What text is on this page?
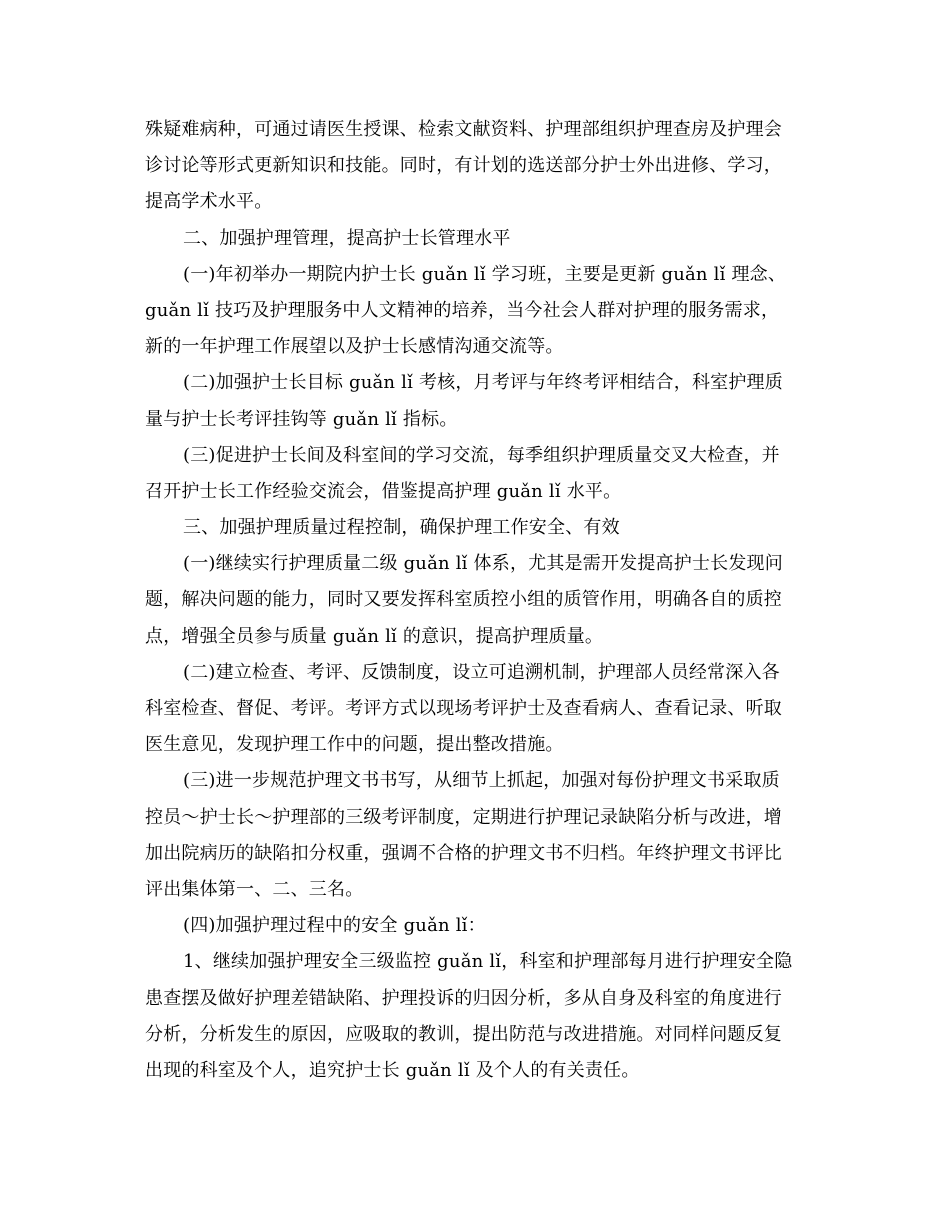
殊疑难病种，可通过请医生授课、检索文献资料、护理部组织护理查房及护理会
诊讨论等形式更新知识和技能。同时，有计划的选送部分护士外出进修、学习，
提高学术水平。
二、加强护理管理，提高护士长管理水平
(一)年初举办一期院内护士长 guǎn lǐ 学习班，主要是更新 guǎn lǐ 理念、
guǎn lǐ 技巧及护理服务中人文精神的培养，当今社会人群对护理的服务需求，
新的一年护理工作展望以及护士长感情沟通交流等。
(二)加强护士长目标 guǎn lǐ 考核，月考评与年终考评相结合，科室护理质
量与护士长考评挂钩等 guǎn lǐ 指标。
(三)促进护士长间及科室间的学习交流，每季组织护理质量交叉大检查，并
召开护士长工作经验交流会，借鉴提高护理 guǎn lǐ 水平。
三、加强护理质量过程控制，确保护理工作安全、有效
(一)继续实行护理质量二级 guǎn lǐ 体系，尤其是需开发提高护士长发现问
题，解决问题的能力，同时又要发挥科室质控小组的质管作用，明确各自的质控
点，增强全员参与质量 guǎn lǐ 的意识，提高护理质量。
(二)建立检查、考评、反馈制度，设立可追溯机制，护理部人员经常深入各
科室检查、督促、考评。考评方式以现场考评护士及查看病人、查看记录、听取
医生意见，发现护理工作中的问题，提出整改措施。
(三)进一步规范护理文书书写，从细节上抓起，加强对每份护理文书采取质
控员～护士长～护理部的三级考评制度，定期进行护理记录缺陷分析与改进，增
加出院病历的缺陷扣分权重，强调不合格的护理文书不归档。年终护理文书评比
评出集体第一、二、三名。
(四)加强护理过程中的安全 guǎn lǐ：
1、继续加强护理安全三级监控 guǎn lǐ，科室和护理部每月进行护理安全隐
患查摆及做好护理差错缺陷、护理投诉的归因分析，多从自身及科室的角度进行
分析，分析发生的原因，应吸取的教训，提出防范与改进措施。对同样问题反复
出现的科室及个人，追究护士长 guǎn lǐ 及个人的有关责任。
